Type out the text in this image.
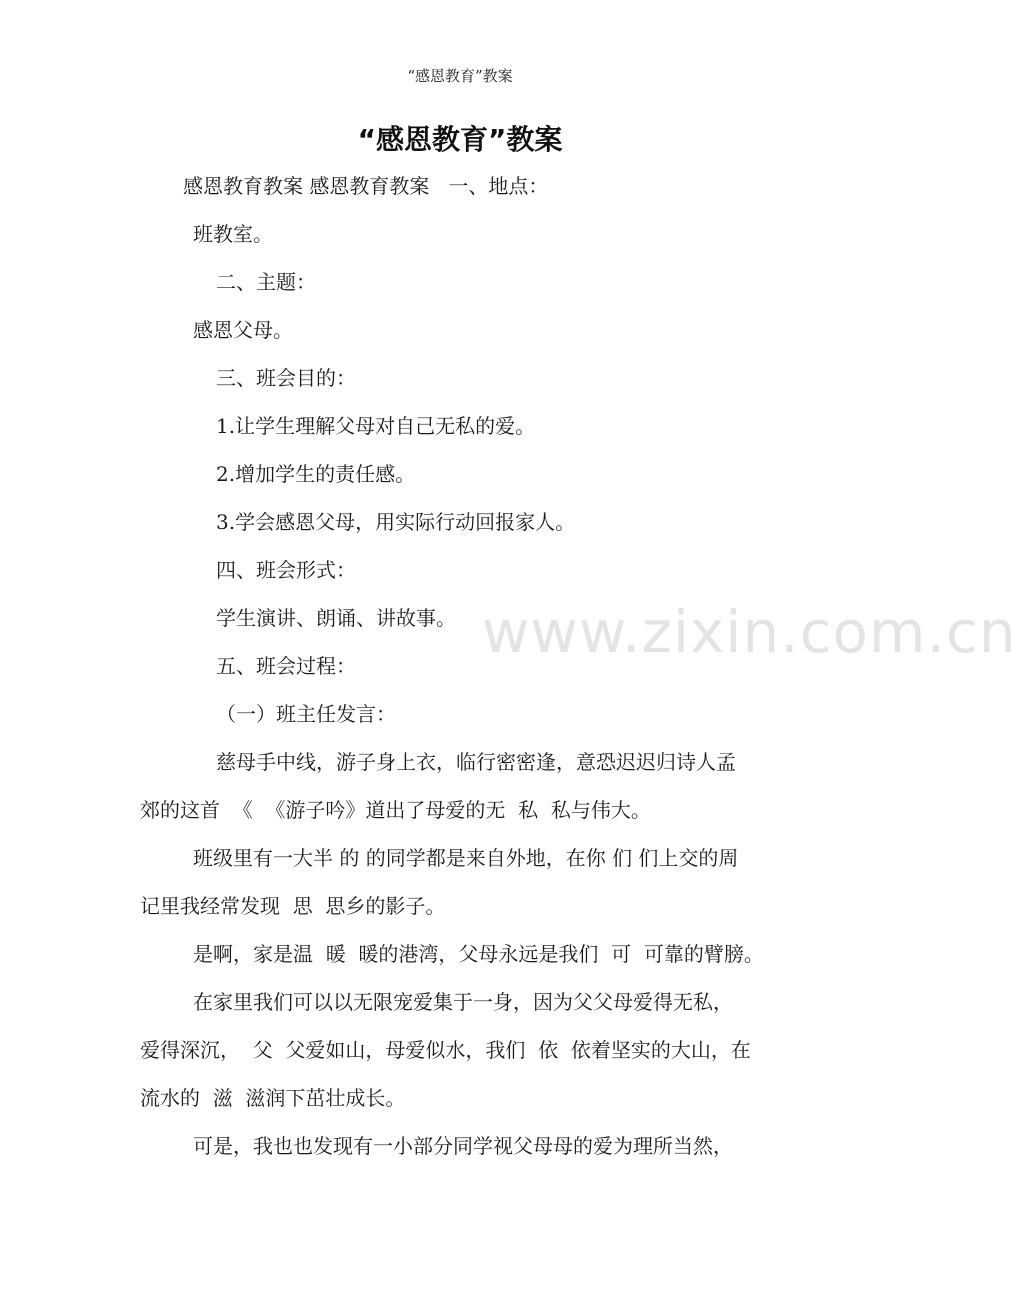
“感恩教育”教案
“感恩教育”教案
感恩教育教案 感恩教育教案   一、地点：
班教室。
二、主题：
感恩父母。
三、班会目的：
1.让学生理解父母对自己无私的爱。
2.增加学生的责任感。
3.学会感恩父母，用实际行动回报家人。
四、班会形式：
学生演讲、朗诵、讲故事。
五、班会过程：
（一）班主任发言：
慈母手中线，游子身上衣，临行密密逢，意恐迟迟归诗人孟
郊的这首  《  《游子吟》道出了母爱的无  私  私与伟大。
班级里有一大半 的 的同学都是来自外地，在你 们 们上交的周
记里我经常发现  思  思乡的影子。
是啊，家是温  暖  暖的港湾，父母永远是我们  可  可靠的臂膀。
在家里我们可以以无限宠爱集于一身，因为父父母爱得无私，
爱得深沉，  父  父爱如山，母爱似水，我们  依  依着坚实的大山，在
流水的  滋  滋润下茁壮成长。
可是，我也也发现有一小部分同学视父母母的爱为理所当然，
www.zixin.com.cn
